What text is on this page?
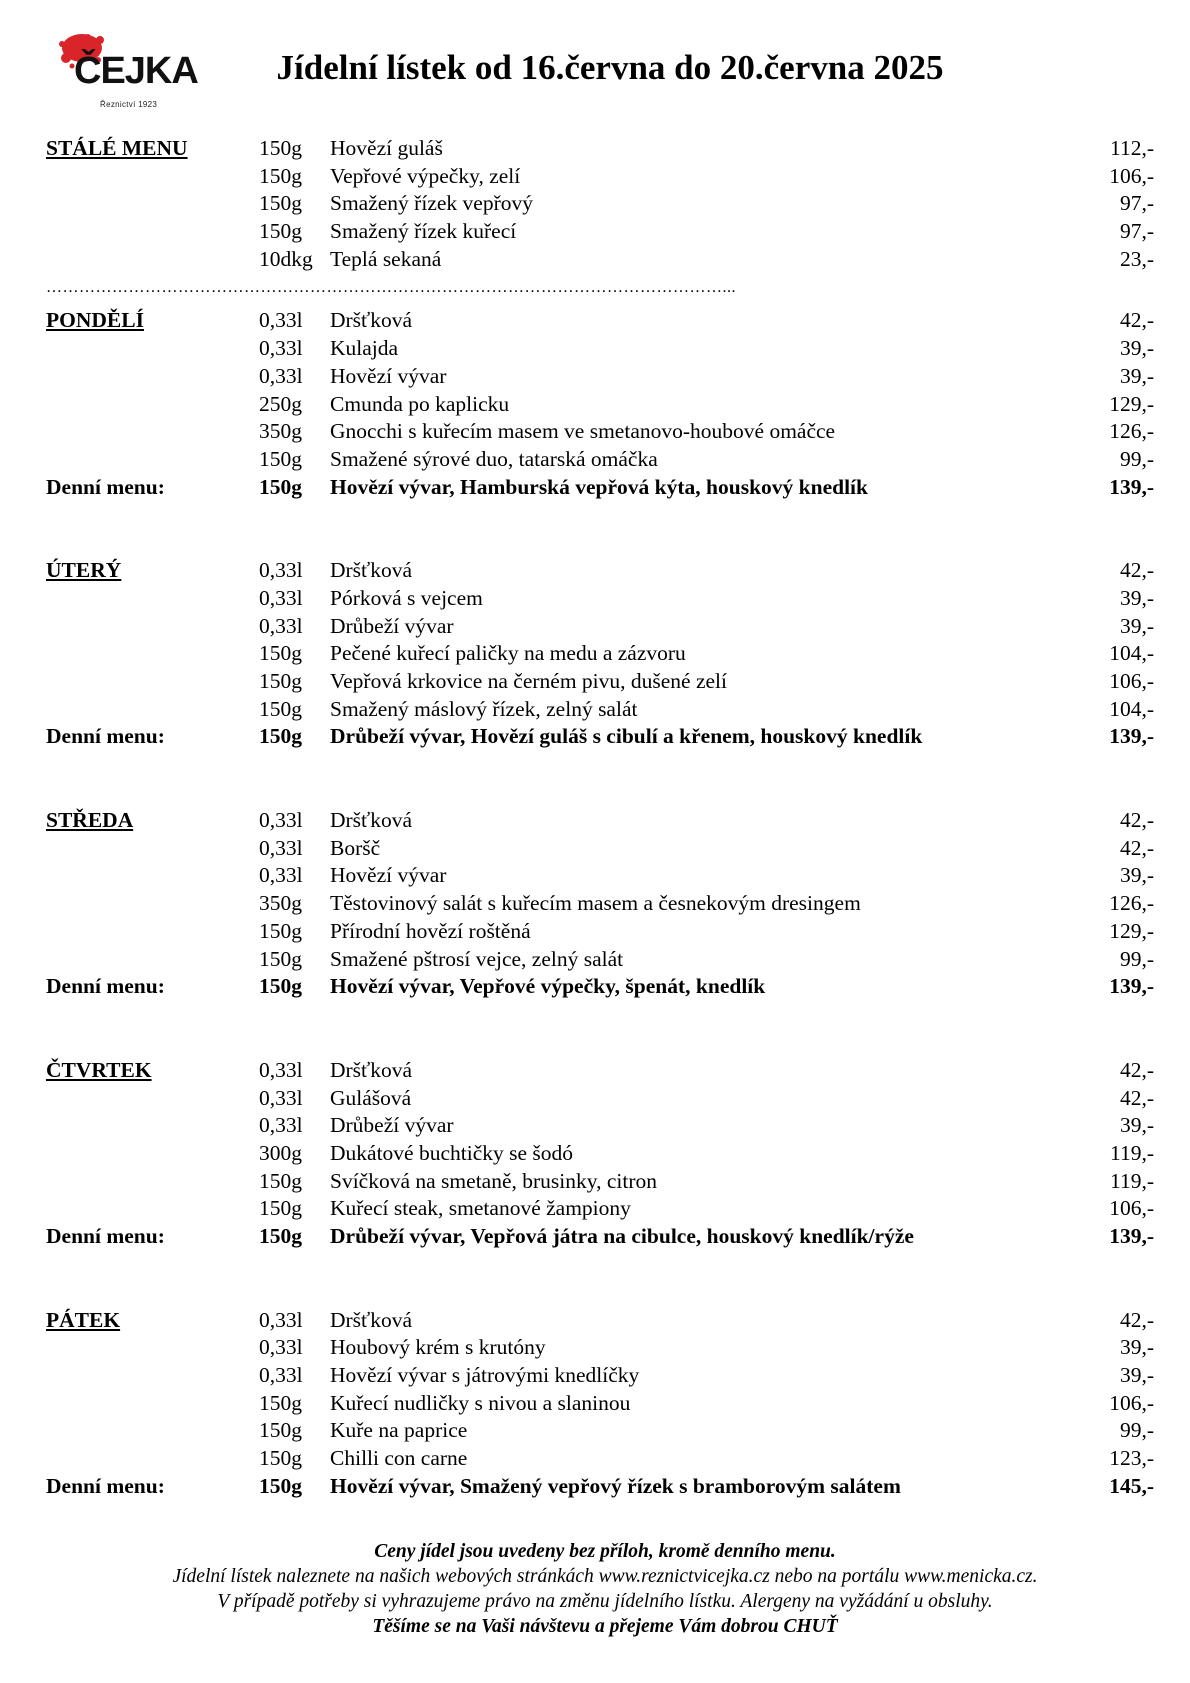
ČEJKA
Řeznictví 1923
Jídelní lístek od 16.června do 20.června 2025
STÁLÉ MENU	150g Hovězí guláš	112,-
150g Vepřové výpečky, zelí	106,-
150g Smažený řízek vepřový	97,-
150g Smažený řízek kuřecí	97,-
10dkg Teplá sekaná	23,-
……………………………………………………………………………………………………………...
PONDĚLÍ	0,33l Dršťková	42,-
0,33l Kulajda	39,-
0,33l Hovězí vývar	39,-
250g Cmunda po kaplicku	129,-
350g Gnocchi s kuřecím masem ve smetanovo-houbové omáčce	126,-
150g Smažené sýrové duo, tatarská omáčka	99,-
Denní menu:	150g Hovězí vývar, Hamburská vepřová kýta, houskový knedlík	139,-
ÚTERÝ	0,33l Dršťková	42,-
0,33l Pórková s vejcem	39,-
0,33l Drůbeží vývar	39,-
150g Pečené kuřecí paličky na medu a zázvoru	104,-
150g Vepřová krkovice na černém pivu, dušené zelí	106,-
150g Smažený máslový řízek, zelný salát	104,-
Denní menu:	150g Drůbeží vývar, Hovězí guláš s cibulí a křenem, houskový knedlík	139,-
STŘEDA	0,33l Dršťková	42,-
0,33l Boršč	42,-
0,33l Hovězí vývar	39,-
350g Těstovinový salát s kuřecím masem a česnekovým dresingem	126,-
150g Přírodní hovězí roštěná	129,-
150g Smažené pštrosí vejce, zelný salát	99,-
Denní menu:	150g Hovězí vývar, Vepřové výpečky, špenát, knedlík	139,-
ČTVRTEK	0,33l Dršťková	42,-
0,33l Gulášová	42,-
0,33l Drůbeží vývar	39,-
300g Dukátové buchtičky se šodó	119,-
150g Svíčková na smetaně, brusinky, citron	119,-
150g Kuřecí steak, smetanové žampiony	106,-
Denní menu:	150g Drůbeží vývar, Vepřová játra na cibulce, houskový knedlík/rýže	139,-
PÁTEK	0,33l Dršťková	42,-
0,33l Houbový krém s krutóny	39,-
0,33l Hovězí vývar s játrovými knedlíčky	39,-
150g Kuřecí nudličky s nivou a slaninou	106,-
150g Kuře na paprice	99,-
150g Chilli con carne	123,-
Denní menu:	150g Hovězí vývar, Smažený vepřový řízek s bramborovým salátem	145,-
Ceny jídel jsou uvedeny bez příloh, kromě denního menu.
Jídelní lístek naleznete na našich webových stránkách www.reznictvicejka.cz nebo na portálu www.menicka.cz.
V případě potřeby si vyhrazujeme právo na změnu jídelního lístku. Alergeny na vyžádání u obsluhy.
Těšíme se na Vaši návštevu a přejeme Vám dobrou CHUŤ
